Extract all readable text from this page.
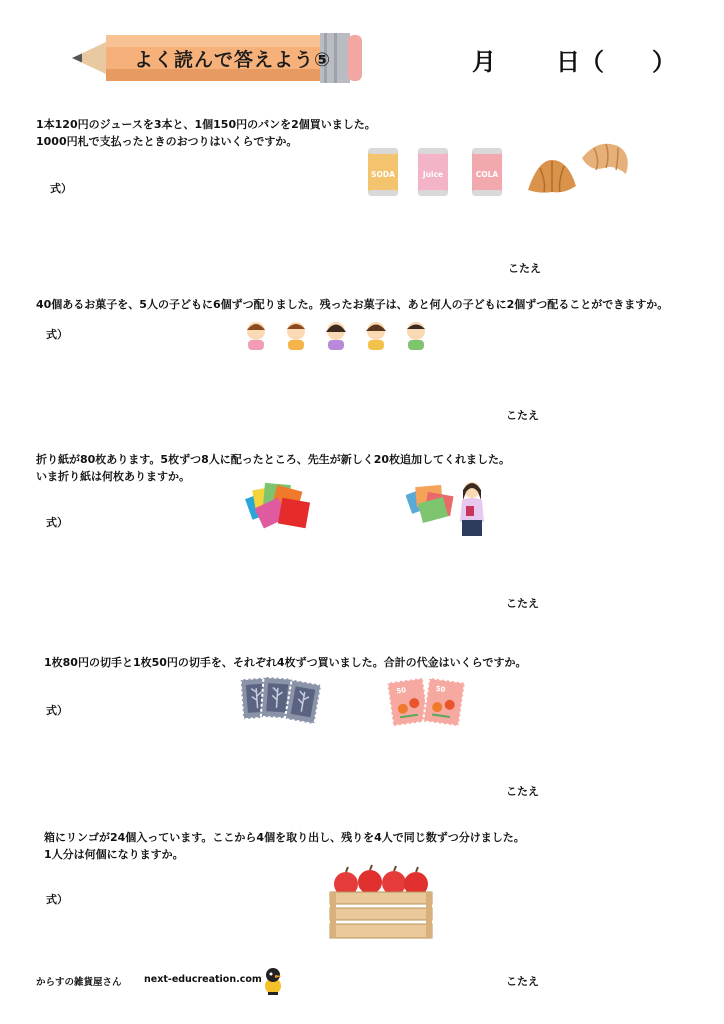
よく読んで答えよう⑤	月	日（　　）
1本120円のジュースを3本と、1個150円のパンを2個買いました。
1000円札で支払ったときのおつりはいくらですか。
式）
こたえ
SODA	Juice	COLA
40個あるお菓子を、5人の子どもに6個ずつ配りました。残ったお菓子は、あと何人の子どもに2個ずつ配ることができますか。
式）
こたえ
折り紙が80枚あります。5枚ずつ8人に配ったところ、先生が新しく20枚追加してくれました。
いま折り紙は何枚ありますか。
式）
こたえ
1枚80円の切手と1枚50円の切手を、それぞれ4枚ずつ買いました。合計の代金はいくらですか。
式）
こたえ
50	50
箱にリンゴが24個入っています。ここから4個を取り出し、残りを4人で同じ数ずつ分けました。
1人分は何個になりますか。
式）
こたえ
からすの雑貨屋さん next-educreation.com
